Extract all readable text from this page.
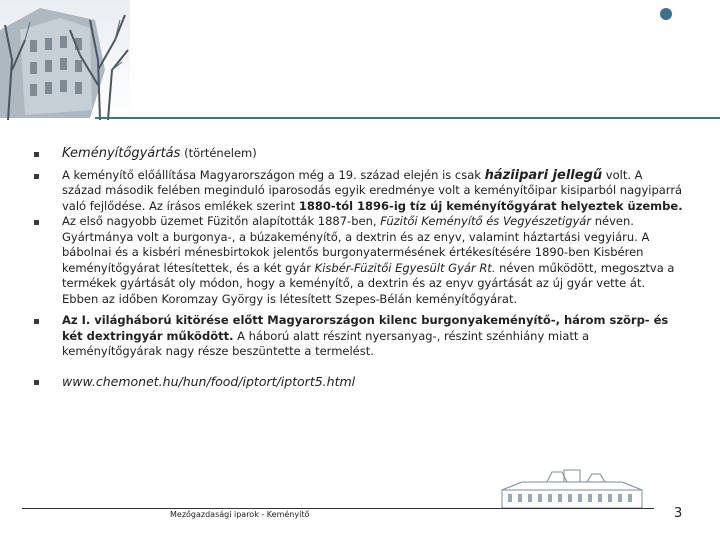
Keményítőgyártás (történelem)
A keményítő előállítása Magyarországon még a 19. század elején is csak háziipari jellegű volt. A század második felében meginduló iparosodás egyik eredménye volt a keményítőipar kisiparból nagyiparrá való fejlődése. Az írásos emlékek szerint 1880-tól 1896-ig tíz új keményítőgyárat helyeztek üzembe.
Az első nagyobb üzemet Füzitőn alapították 1887-ben, Füzitői Keményítő és Vegyészetigyár néven. Gyártmánya volt a burgonya-, a búzakeményítő, a dextrin és az enyv, valamint háztartási vegyiáru. A bábolnai és a kisbéri ménesbirtokok jelentős burgonyatermésének értékesítésére 1890-ben Kisbéren keményítőgyárat létesítettek, és a két gyár Kisbér-Füzitői Egyesült Gyár Rt. néven működött, megosztva a termékek gyártását oly módon, hogy a keményítő, a dextrin és az enyv gyártását az új gyár vette át. Ebben az időben Koromzay György is létesített Szepes-Bélán keményítőgyárat.
Az I. világháború kitörése előtt Magyarországon kilenc burgonyakeményítő-, három szörp- és két dextringyár működött. A háború alatt részint nyersanyag-, részint szénhiány miatt a keményítőgyárak nagy része beszüntette a termelést.
www.chemonet.hu/hun/food/iptort/iptort5.html
Mezőgazdasági iparok - Keményítő	3
